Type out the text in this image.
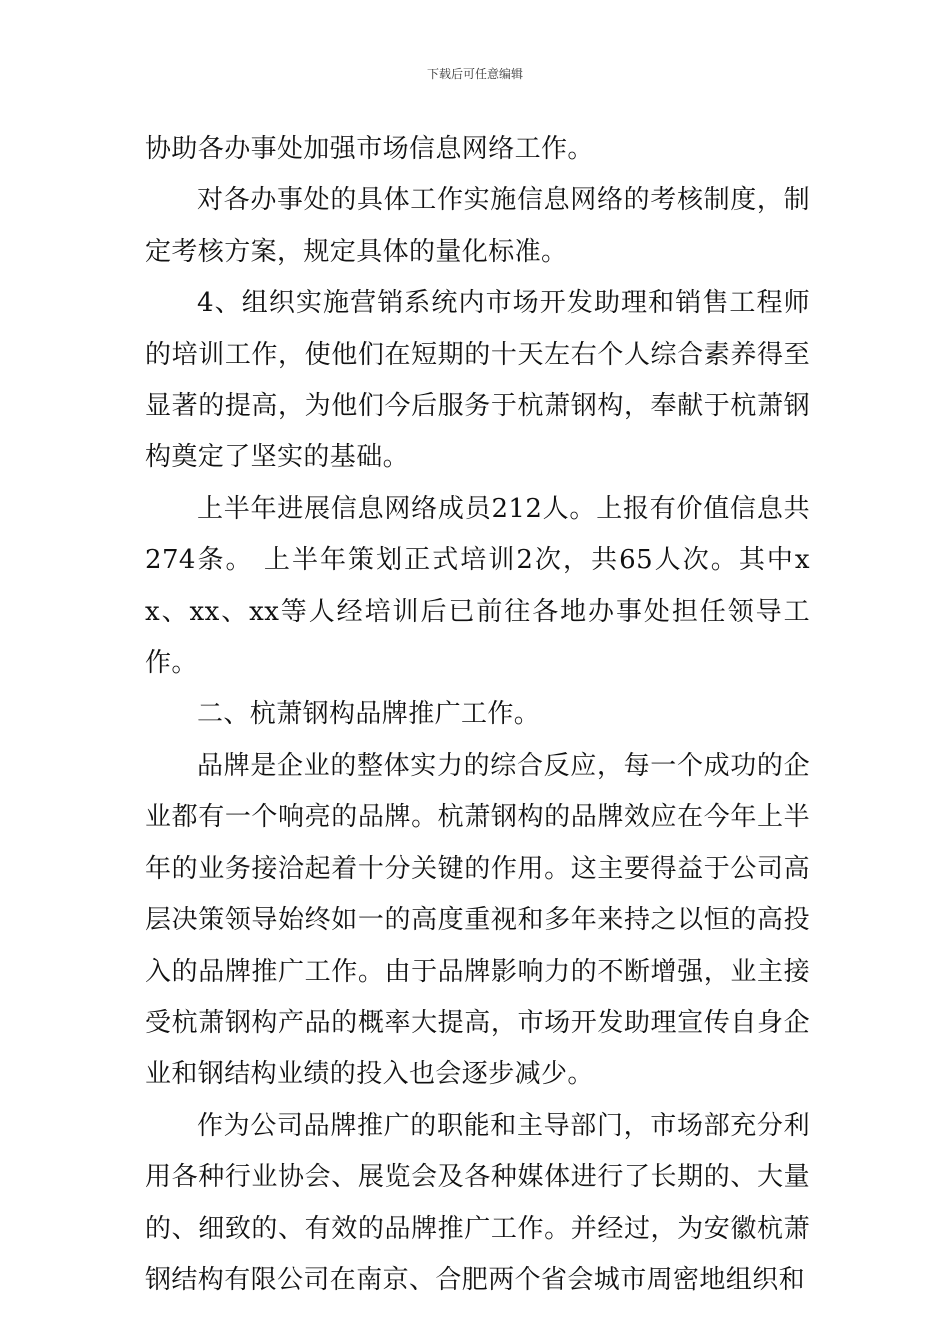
下载后可任意编辑

协助各办事处加强市场信息网络工作。

对各办事处的具体工作实施信息网络的考核制度，制定考核方案，规定具体的量化标准。

4、组织实施营销系统内市场开发助理和销售工程师的培训工作，使他们在短期的十天左右个人综合素养得至显著的提高，为他们今后服务于杭萧钢构，奉献于杭萧钢构奠定了坚实的基础。

上半年进展信息网络成员212人。上报有价值信息共274条。 上半年策划正式培训2次，共65人次。其中xx、xx、xx等人经培训后已前往各地办事处担任领导工作。

二、杭萧钢构品牌推广工作。

品牌是企业的整体实力的综合反应，每一个成功的企业都有一个响亮的品牌。杭萧钢构的品牌效应在今年上半年的业务接洽起着十分关键的作用。这主要得益于公司高层决策领导始终如一的高度重视和多年来持之以恒的高投入的品牌推广工作。由于品牌影响力的不断增强，业主接受杭萧钢构产品的概率大提高，市场开发助理宣传自身企业和钢结构业绩的投入也会逐步减少。

作为公司品牌推广的职能和主导部门，市场部充分利用各种行业协会、展览会及各种媒体进行了长期的、大量的、细致的、有效的品牌推广工作。并经过，为安徽杭萧钢结构有限公司在南京、合肥两个省会城市周密地组织和
